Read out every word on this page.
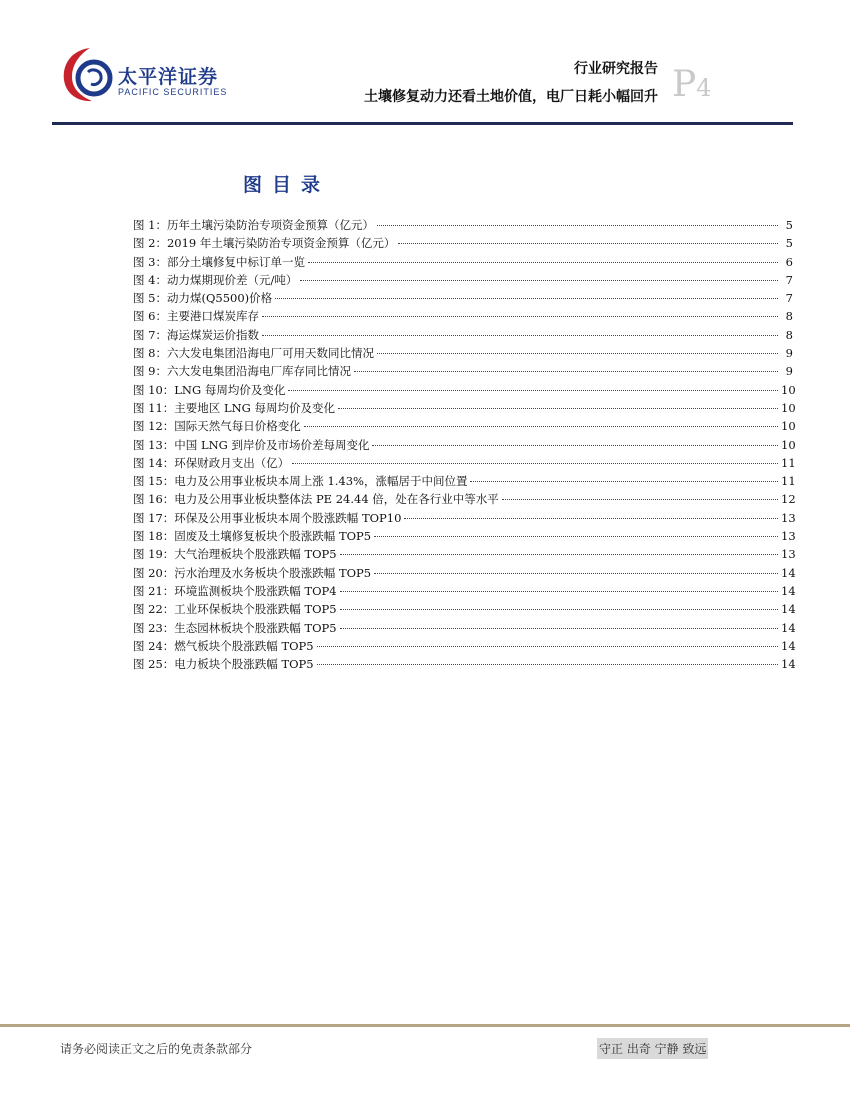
太平洋证券
PACIFIC SECURITIES
行业研究报告
土壤修复动力还看土地价值，电厂日耗小幅回升 P4
图目录
图 1：历年土壤污染防治专项资金预算（亿元）	5
图 2：2019 年土壤污染防治专项资金预算（亿元）	5
图 3：部分土壤修复中标订单一览	6
图 4：动力煤期现价差（元/吨）	7
图 5：动力煤(Q5500)价格	7
图 6：主要港口煤炭库存	8
图 7：海运煤炭运价指数	8
图 8：六大发电集团沿海电厂可用天数同比情况	9
图 9：六大发电集团沿海电厂库存同比情况	9
图 10：LNG 每周均价及变化	10
图 11：主要地区 LNG 每周均价及变化	10
图 12：国际天然气每日价格变化	10
图 13：中国 LNG 到岸价及市场价差每周变化	10
图 14：环保财政月支出（亿）	11
图 15：电力及公用事业板块本周上涨 1.43%，涨幅居于中间位置	11
图 16：电力及公用事业板块整体法 PE 24.44 倍，处在各行业中等水平	12
图 17：环保及公用事业板块本周个股涨跌幅 TOP10	13
图 18：固废及土壤修复板块个股涨跌幅 TOP5	13
图 19：大气治理板块个股涨跌幅 TOP5	13
图 20：污水治理及水务板块个股涨跌幅 TOP5	14
图 21：环境监测板块个股涨跌幅 TOP4	14
图 22：工业环保板块个股涨跌幅 TOP5	14
图 23：生态园林板块个股涨跌幅 TOP5	14
图 24：燃气板块个股涨跌幅 TOP5	14
图 25：电力板块个股涨跌幅 TOP5	14
请务必阅读正文之后的免责条款部分	守正 出奇 宁静 致远
